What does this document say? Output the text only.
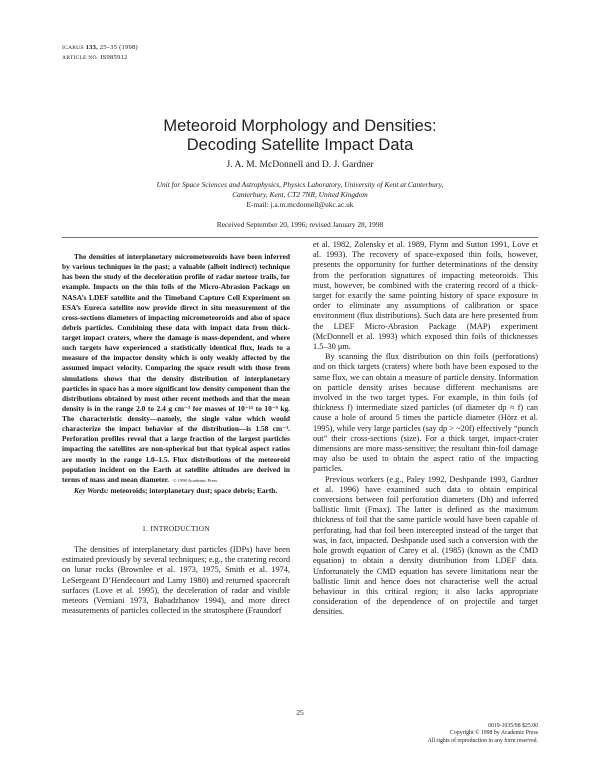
ICARUS 133, 25–35 (1998)
ARTICLE NO. IS985912
Meteoroid Morphology and Densities:
Decoding Satellite Impact Data
J. A. M. McDonnell and D. J. Gardner
Unit for Space Sciences and Astrophysics, Physics Laboratory, University of Kent at Canterbury,
Canterbury, Kent, CT2 7NR, United Kingdom
E-mail: j.a.m.mcdonnell@ukc.ac.uk
Received September 20, 1996; revised January 28, 1998

The densities of interplanetary micrometeoroids have been inferred by various techniques in the past; a valuable (albeit indirect) technique has been the study of the deceleration profile of radar meteor trails, for example. Impacts on the thin foils of the Micro-Abrasion Package on NASA’s LDEF satellite and the Timeband Capture Cell Experiment on ESA’s Eureca satellite now provide direct in situ measurement of the cross-sections diameters of impacting micrometeoroids and also of space debris particles. Combining these data with impact data from thick-target impact craters, where the damage is mass-dependent, and where such targets have experienced a statistically identical flux, leads to a measure of the impactor density which is only weakly affected by the assumed impact velocity. Comparing the space result with those from simulations shows that the density distribution of interplanetary particles in space has a more significant low density component than the distributions obtained by most other recent methods and that the mean density is in the range 2.0 to 2.4 g cm⁻³ for masses of 10⁻¹⁵ to 10⁻⁹ kg. The characteristic density—namely, the single value which would characterize the impact behavior of the distribution—is 1.58 cm⁻³. Perforation profiles reveal that a large fraction of the largest particles impacting the satellites are non-spherical but that typical aspect ratios are mostly in the range 1.0–1.5. Flux distributions of the meteoroid population incident on the Earth at satellite altitudes are derived in terms of mass and mean diameter. © 1998 Academic Press

Key Words: meteoroids; interplanetary dust; space debris; Earth.

1. INTRODUCTION

The densities of interplanetary dust particles (IDPs) have been estimated previously by several techniques; e.g., the cratering record on lunar rocks (Brownlee et al. 1973, 1975, Smith et al. 1974, LeSergeant D’Hendecourt and Lamy 1980) and returned spacecraft surfaces (Love et al. 1995), the deceleration of radar and visible meteors (Verniani 1973, Babadzhanov 1994), and more direct measurements of particles collected in the stratosphere (Fraundorf

et al. 1982, Zolensky et al. 1989, Flynn and Sutton 1991, Love et al. 1993). The recovery of space-exposed thin foils, however, presents the opportunity for further determinations of the density from the perforation signatures of impacting meteoroids. This must, however, be combined with the cratering record of a thick-target for exactly the same pointing history of space exposure in order to eliminate any assumptions of calibration or space environment (flux distributions). Such data are here presented from the LDEF Micro-Abrasion Package (MAP) experiment (McDonnell et al. 1993) which exposed thin foils of thicknesses 1.5–30 μm.

By scanning the flux distribution on thin foils (perforations) and on thick targets (craters) where both have been exposed to the same flux, we can obtain a measure of particle density. Information on particle density arises because different mechanisms are involved in the two target types. For example, in thin foils (of thickness f) intermediate sized particles (of diameter dp ≈ f) can cause a hole of around 5 times the particle diameter (Hörz et al. 1995), while very large particles (say dp > ~20f) effectively “punch out” their cross-sections (size). For a thick target, impact-crater dimensions are more mass-sensitive; the resultant thin-foil damage may also be used to obtain the aspect ratio of the impacting particles.

Previous workers (e.g., Paley 1992, Deshpande 1993, Gardner et al. 1996) have examined such data to obtain empirical conversions between foil perforation diameters (Dh) and inferred ballistic limit (Fmax). The latter is defined as the maximum thickness of foil that the same particle would have been capable of perforating, had that foil been intercepted instead of the target that was, in fact, impacted. Deshpande used such a conversion with the hole growth equation of Carey et al. (1985) (known as the CMD equation) to obtain a density distribution from LDEF data. Unfortunately the CMD equation has severe limitations near the ballistic limit and hence does not characterise well the actual behaviour in this critical region; it also lacks appropriate consideration of the dependence of on projectile and target densities.

25
0019-1035/98 $25.00
Copyright © 1998 by Academic Press
All rights of reproduction in any form reserved.
